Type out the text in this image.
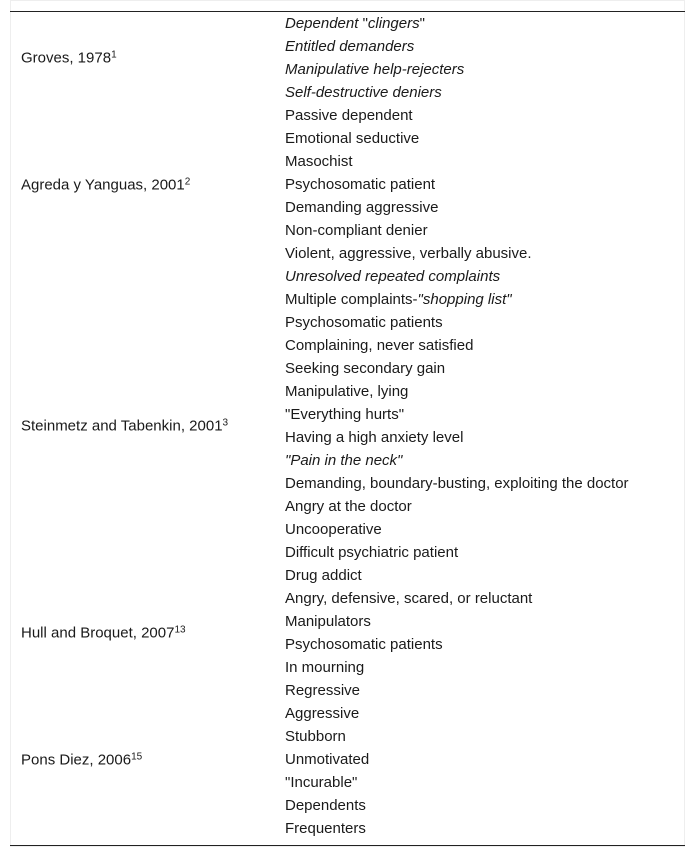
Groves, 1978$^1$
Agreda y Yanguas, 2001$^2$
Steinmetz and Tabenkin, 2001$^3$
Hull and Broquet, 2007$^{13}$
Pons Diez, 2006$^{15}$
Dependent "clingers"
Entitled demanders
Manipulative help-rejecters
Self-destructive deniers
Passive dependent
Emotional seductive
Masochist
Psychosomatic patient
Demanding aggressive
Non-compliant denier
Violent, aggressive, verbally abusive.
Unresolved repeated complaints
Multiple complaints-"shopping list"
Psychosomatic patients
Complaining, never satisfied
Seeking secondary gain
Manipulative, lying
"Everything hurts"
Having a high anxiety level
"Pain in the neck"
Demanding, boundary-busting, exploiting the doctor
Angry at the doctor
Uncooperative
Difficult psychiatric patient
Drug addict
Angry, defensive, scared, or reluctant
Manipulators
Psychosomatic patients
In mourning
Regressive
Aggressive
Stubborn
Unmotivated
"Incurable"
Dependents
Frequenters
